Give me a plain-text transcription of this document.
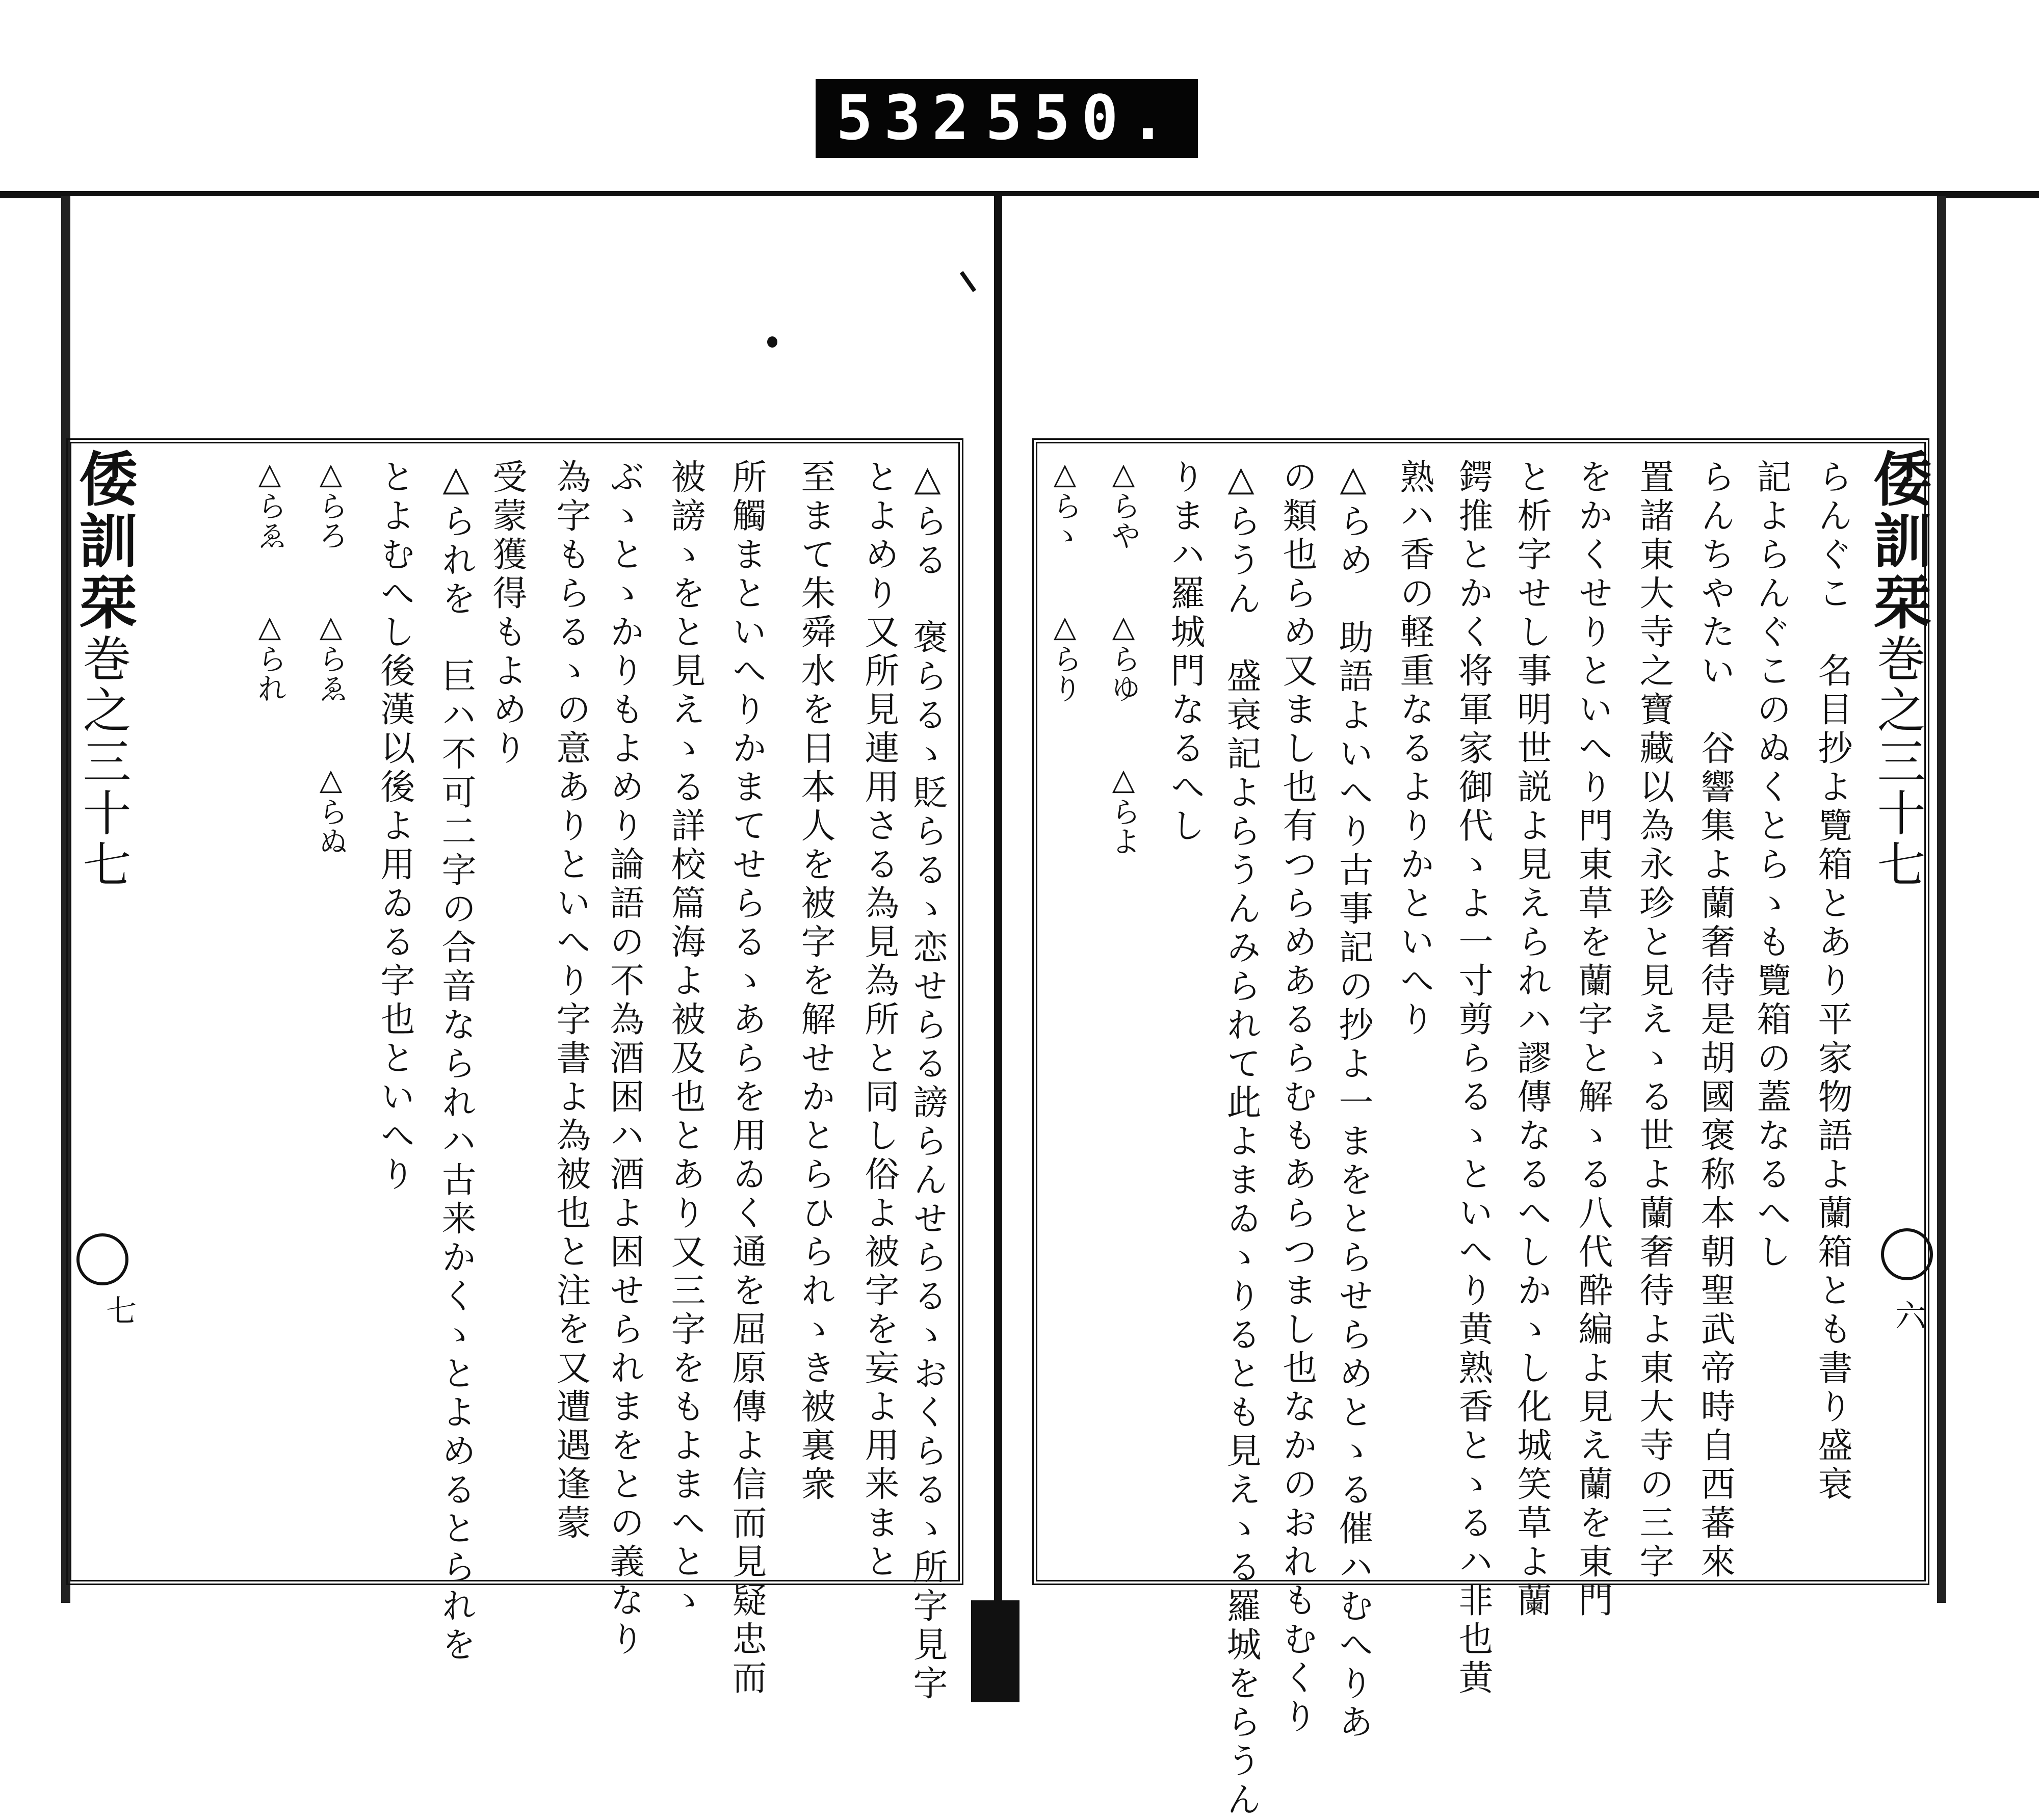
532 550.
倭訓栞巻之三十七
七
倭訓栞巻之三十七
六
△らる　褒らるゝ貶らるゝ恋せらる謗らんせらるゝおくらるゝ所字見字
とよめり又所見連用さる為見為所と同し俗よ被字を妄よ用来まと
至まて朱舜水を日本人を被字を解せかとらひられゝき被裏衆
所觸まといへりかまてせらるゝあらを用ゐく通を屈原傳よ信而見疑忠而
被謗ゝをと見えゝる詳校篇海よ被及也とあり又三字をもよまへとゝ
ぶゝとゝかりもよめり論語の不為酒困ハ酒よ困せられまをとの義なり
為字もらるゝの意ありといへり字書よ為被也と注を又遭遇逢蒙
受蒙獲得もよめり
△られを　巨ハ不可二字の合音なられハ古来かくゝとよめるとられを
とよむへし後漢以後よ用ゐる字也といへり
△らろ　　△らゑ　　△らぬ
△らゑ　　△られ	らんぐこ　名目抄よ覽箱とあり平家物語よ蘭箱とも書り盛衰
記よらんぐこのぬくとらゝも覽箱の蓋なるへし
らんちやたい　谷響集よ蘭奢待是胡國褒称本朝聖武帝時自西蕃來
置諸東大寺之寶藏以為永珍と見えゝる世よ蘭奢待よ東大寺の三字
をかくせりといへり門東草を蘭字と解ゝる八代酔編よ見え蘭を東門
と析字せし事明世説よ見えられハ謬傳なるへしかゝし化城笑草よ蘭
鍔推とかく将軍家御代ゝよ一寸剪らるゝといへり黄熟香とゝるハ非也黄
熟ハ香の軽重なるよりかといへり
△らめ　助語よいへり古事記の抄よ一まをとらせらめとゝる催ハむへりあ
の類也らめ又まし也有つらめあるらむもあらつまし也なかのおれもむくり
△らうん　盛衰記よらうんみられて此よまゐゝりるとも見えゝる羅城をらうん
りまハ羅城門なるへし
△らや　　△らゆ　　△らよ
△らゝ　　△らり
